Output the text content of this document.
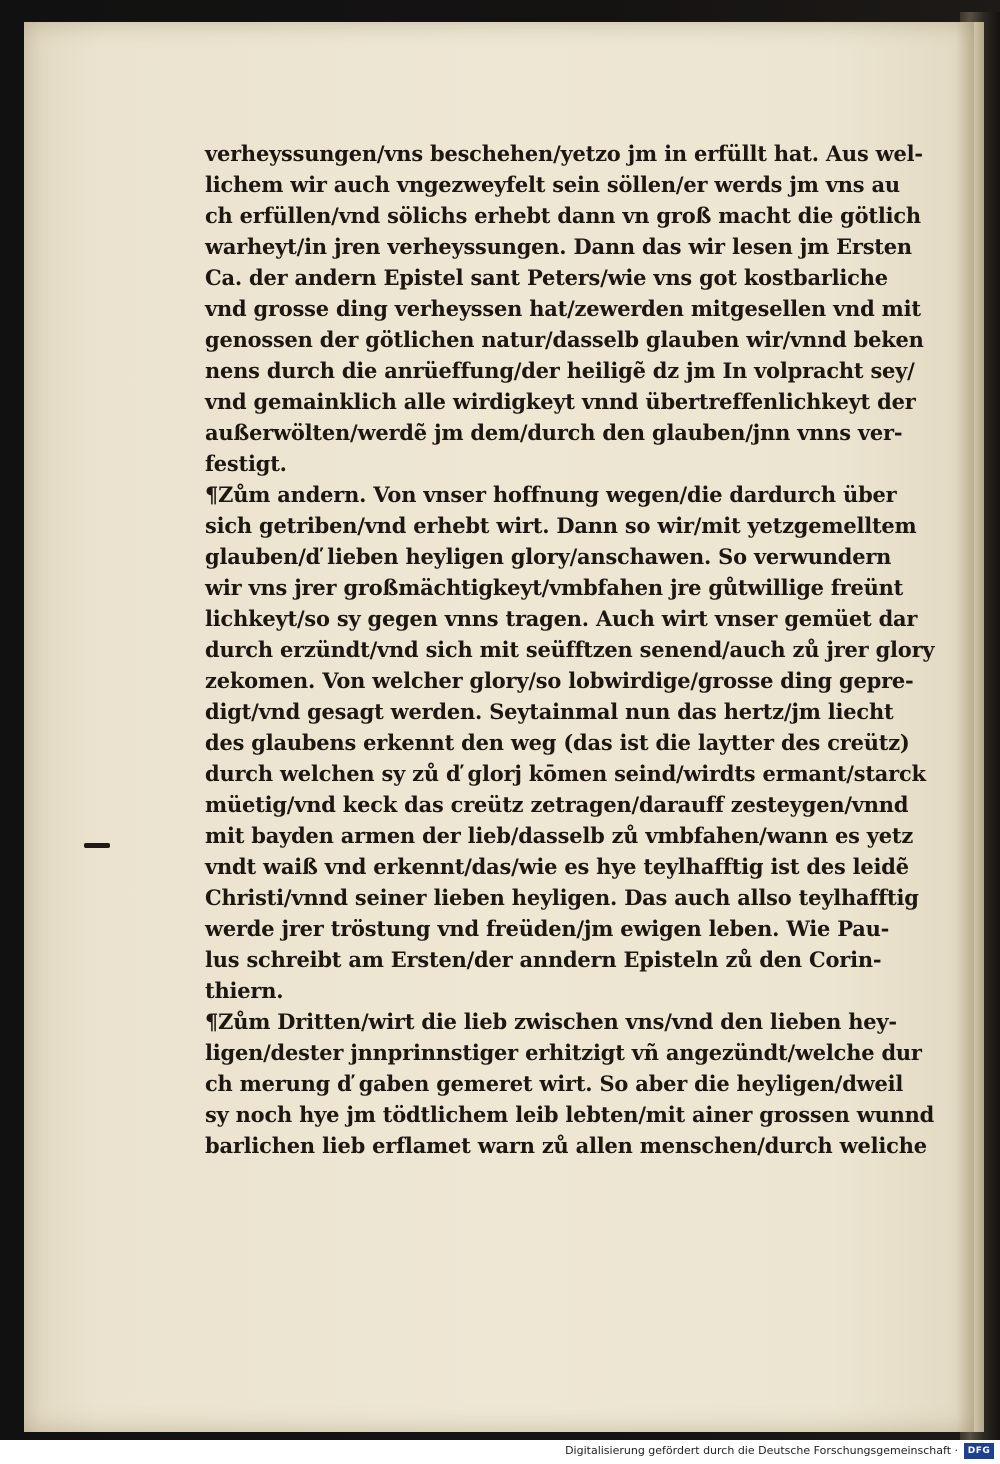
verheyssungen/vns beschehen/yetzo jm in erfüllt hat. Aus wel-
lichem wir auch vngezweyfelt sein söllen/er werds jm vns au
ch erfüllen/vnd sölichs erhebt dann vn groß macht die götlich
warheyt/in jren verheyssungen. Dann das wir lesen jm Ersten
Ca. der andern Epistel sant Peters/wie vns got kostbarliche
vnd grosse ding verheyssen hat/zewerden mitgesellen vnd mit
genossen der götlichen natur/dasselb glauben wir/vnnd beken
nens durch die anrüeffung/der heiligẽ dz jm In volpracht sey/
vnd gemainklich alle wirdigkeyt vnnd übertreffenlichkeyt der
außerwölten/werdẽ jm dem/durch den glauben/jnn vnns ver-
festigt.
¶Zům andern. Von vnser hoffnung wegen/die dardurch über
sich getriben/vnd erhebt wirt. Dann so wir/mit yetzgemelltem
glauben/ď lieben heyligen glory/anschawen. So verwundern
wir vns jrer großmächtigkeyt/vmbfahen jre gůtwillige freünt
lichkeyt/so sy gegen vnns tragen. Auch wirt vnser gemüet dar
durch erzündt/vnd sich mit seüfftzen senend/auch zů jrer glory
zekomen. Von welcher glory/so lobwirdige/grosse ding gepre-
digt/vnd gesagt werden. Seytainmal nun das hertz/jm liecht
des glaubens erkennt den weg (das ist die laytter des creütz)
durch welchen sy zů ď glorj kōmen seind/wirdts ermant/starck
müetig/vnd keck das creütz zetragen/darauff zesteygen/vnnd
mit bayden armen der lieb/dasselb zů vmbfahen/wann es yetz
vndt waiß vnd erkennt/das/wie es hye teylhafftig ist des leidẽ
Christi/vnnd seiner lieben heyligen. Das auch allso teylhafftig
werde jrer tröstung vnd freüden/jm ewigen leben. Wie Pau-
lus schreibt am Ersten/der anndern Episteln zů den Corin-
thiern.
¶Zům Dritten/wirt die lieb zwischen vns/vnd den lieben hey-
ligen/dester jnnprinnstiger erhitzigt vñ angezündt/welche dur
ch merung ď gaben gemeret wirt. So aber die heyligen/dweil
sy noch hye jm tödtlichem leib lebten/mit ainer grossen wunnd
barlichen lieb erflamet warn zů allen menschen/durch weliche
Digitalisierung gefördert durch die Deutsche Forschungsgemeinschaft ·	DFG
